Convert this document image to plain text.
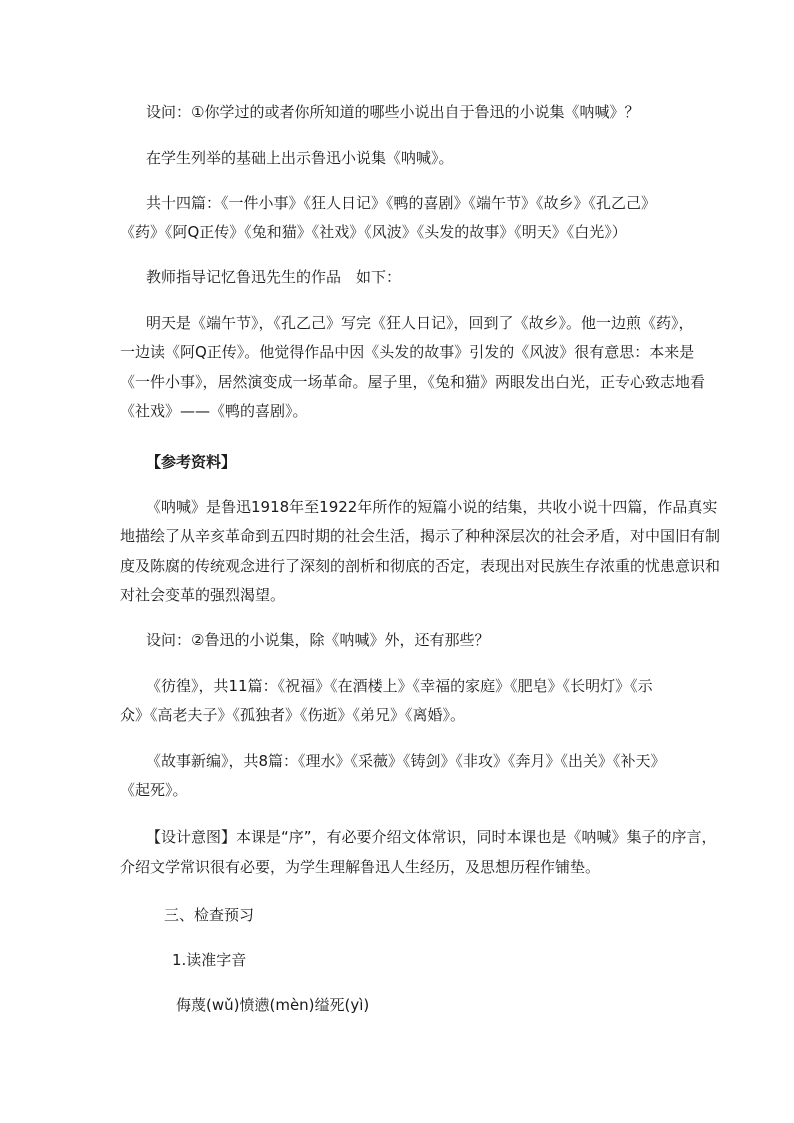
设问：①你学过的或者你所知道的哪些小说出自于鲁迅的小说集《呐喊》？

在学生列举的基础上出示鲁迅小说集《呐喊》。

共十四篇：《一件小事》《狂人日记》《鸭的喜剧》《端午节》《故乡》《孔乙己》

《药》《阿Q正传》《兔和猫》《社戏》《风波》《头发的故事》《明天》《白光》）

教师指导记忆鲁迅先生的作品　如下：

明天是《端午节》，《孔乙己》写完《狂人日记》，回到了《故乡》。他一边煎《药》，

一边读《阿Q正传》。他觉得作品中因《头发的故事》引发的《风波》很有意思：本来是

《一件小事》，居然演变成一场革命。屋子里，《兔和猫》两眼发出白光，正专心致志地看

《社戏》——《鸭的喜剧》。

【参考资料】

《呐喊》是鲁迅1918年至1922年所作的短篇小说的结集，共收小说十四篇，作品真实

地描绘了从辛亥革命到五四时期的社会生活，揭示了种种深层次的社会矛盾，对中国旧有制

度及陈腐的传统观念进行了深刻的剖析和彻底的否定，表现出对民族生存浓重的忧患意识和

对社会变革的强烈渴望。

设问：②鲁迅的小说集，除《呐喊》外，还有那些？

《彷徨》，共11篇：《祝福》《在酒楼上》《幸福的家庭》《肥皂》《长明灯》《示

众》《高老夫子》《孤独者》《伤逝》《弟兄》《离婚》。

《故事新编》，共8篇：《理水》《采薇》《铸剑》《非攻》《奔月》《出关》《补天》

《起死》。

【设计意图】本课是“序”，有必要介绍文体常识，同时本课也是《呐喊》集子的序言，

介绍文学常识很有必要，为学生理解鲁迅人生经历，及思想历程作铺垫。

三、检查预习

1.读准字音

侮蔑(wǔ)愤懑(mèn)缢死(yì)
